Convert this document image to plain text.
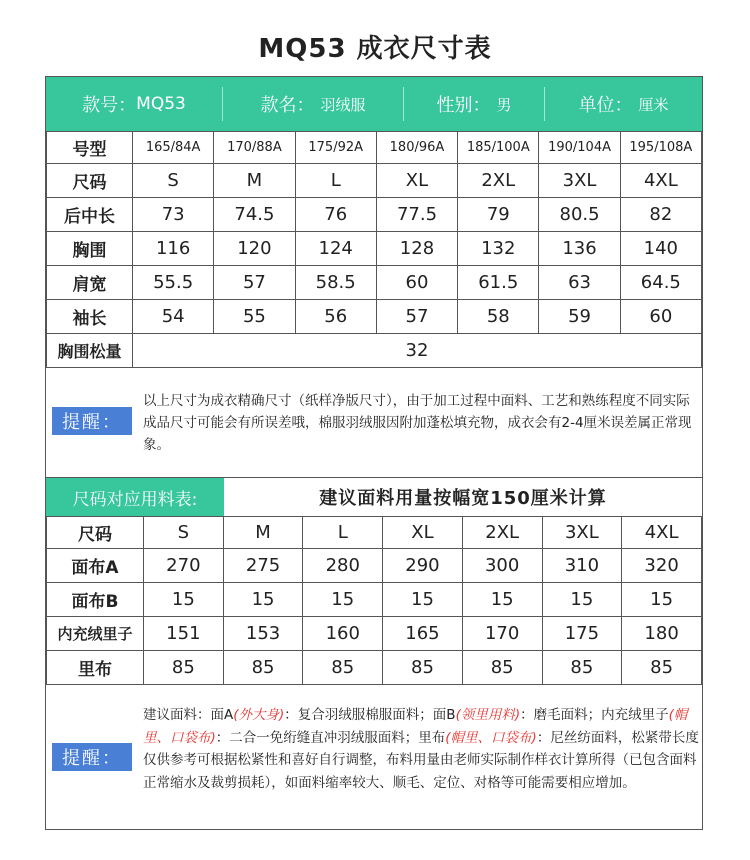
MQ53 成衣尺寸表
款号： MQ53	款名： 羽绒服	性别： 男	单位： 厘米
号型	165/84A	170/88A	175/92A	180/96A	185/100A	190/104A	195/108A
尺码	S	M	L	XL	2XL	3XL	4XL
后中长	73	74.5	76	77.5	79	80.5	82
胸围	116	120	124	128	132	136	140
肩宽	55.5	57	58.5	60	61.5	63	64.5
袖长	54	55	56	57	58	59	60
胸围松量	32						
提醒：
以上尺寸为成衣精确尺寸（纸样净版尺寸），由于加工过程中面料、工艺和熟练程度不同实际成品尺寸可能会有所误差哦，棉服羽绒服因附加蓬松填充物，成衣会有2-4厘米误差属正常现象。
尺码对应用料表:	建议面料用量按幅宽150厘米计算
尺码	S	M	L	XL	2XL	3XL	4XL
面布A	270	275	280	290	300	310	320
面布B	15	15	15	15	15	15	15
内充绒里子	151	153	160	165	170	175	180
里布	85	85	85	85	85	85	85
提醒：
建议面料：面A(外大身)：复合羽绒服棉服面料；面B(领里用料)：磨毛面料；内充绒里子(帽里、口袋布)：二合一免绗缝直冲羽绒服面料；里布(帽里、口袋布)：尼丝纺面料，松紧带长度仅供参考可根据松紧性和喜好自行调整，布料用量由老师实际制作样衣计算所得（已包含面料正常缩水及裁剪损耗），如面料缩率较大、顺毛、定位、对格等可能需要相应增加。
